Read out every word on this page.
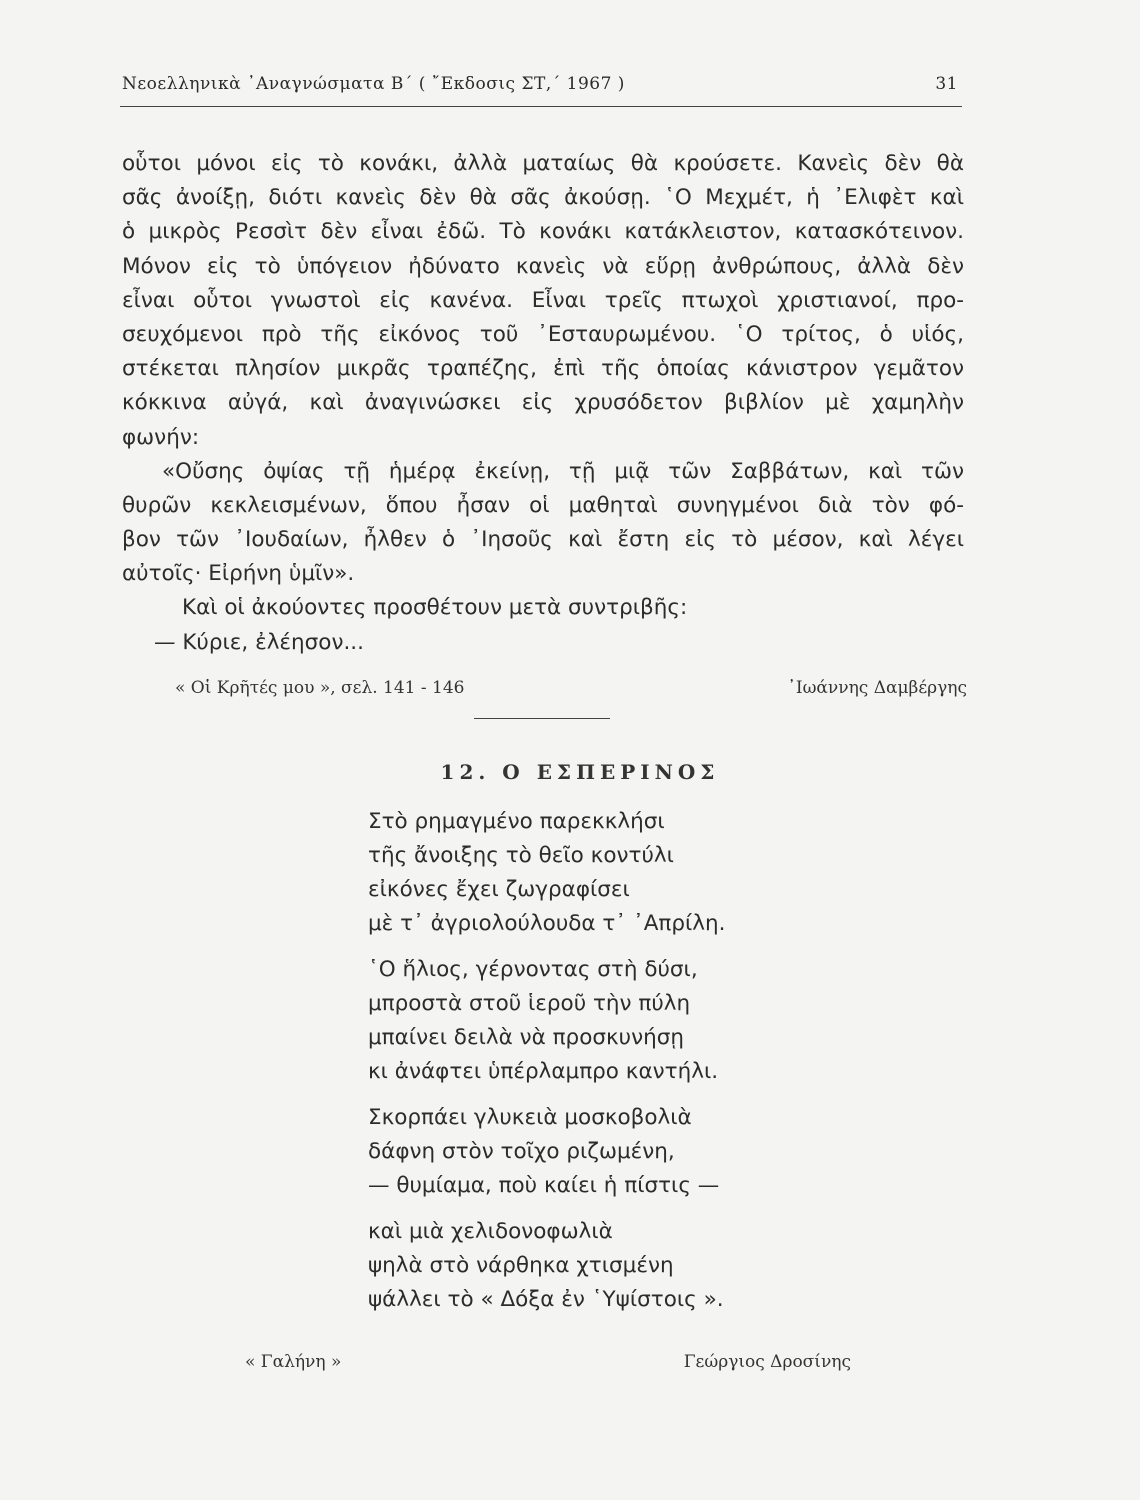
Νεοελληνικὰ ᾿Αναγνώσματα Β΄ ( ῎Εκδοσις ΣΤ,΄ 1967 )	31
οὗτοι μόνοι εἰς τὸ κονάκι, ἀλλὰ ματαίως θὰ κρούσετε. Κανεὶς δὲν θὰ
σᾶς ἀνοίξῃ, διότι κανεὶς δὲν θὰ σᾶς ἀκούσῃ. ῾Ο Μεχμέτ, ἡ ᾿Ελιφὲτ καὶ
ὁ μικρὸς Ρεσσὶτ δὲν εἶναι ἐδῶ. Τὸ κονάκι κατάκλειστον, κατασκότεινον.
Μόνον εἰς τὸ ὑπόγειον ἠδύνατο κανεὶς νὰ εὕρῃ ἀνθρώπους, ἀλλὰ δὲν
εἶναι οὗτοι γνωστοὶ εἰς κανένα. Εἶναι τρεῖς πτωχοὶ χριστιανοί, προ-
σευχόμενοι πρὸ τῆς εἰκόνος τοῦ ᾿Εσταυρωμένου. ῾Ο τρίτος, ὁ υἱός,
στέκεται πλησίον μικρᾶς τραπέζης, ἐπὶ τῆς ὁποίας κάνιστρον γεμᾶτον
κόκκινα αὐγά, καὶ ἀναγινώσκει εἰς χρυσόδετον βιβλίον μὲ χαμηλὴν
φωνήν:
«Οὔσης ὀψίας τῇ ἡμέρᾳ ἐκείνῃ, τῇ μιᾷ τῶν Σαββάτων, καὶ τῶν
θυρῶν κεκλεισμένων, ὅπου ἦσαν οἱ μαθηταὶ συνηγμένοι διὰ τὸν φό-
βον τῶν ᾿Ιουδαίων, ἦλθεν ὁ ᾿Ιησοῦς καὶ ἔστη εἰς τὸ μέσον, καὶ λέγει
αὐτοῖς· Εἰρήνη ὑμῖν».
Καὶ οἱ ἀκούοντες προσθέτουν μετὰ συντριβῆς:
— Κύριε, ἐλέησον...
« Οἱ Κρῆτές μου », σελ. 141 - 146	᾿Ιωάννης Δαμβέργης
12. Ο ΕΣΠΕΡΙΝΟΣ
Στὸ ρημαγμένο παρεκκλήσι
τῆς ἄνοιξης τὸ θεῖο κοντύλι
εἰκόνες ἔχει ζωγραφίσει
μὲ τ᾿ ἀγριολούλουδα τ᾿ ᾿Απρίλη.
῾Ο ἥλιος, γέρνοντας στὴ δύσι,
μπροστὰ στοῦ ἱεροῦ τὴν πύλη
μπαίνει δειλὰ νὰ προσκυνήσῃ
κι ἀνάφτει ὑπέρλαμπρο καντήλι.
Σκορπάει γλυκειὰ μοσκοβολιὰ
δάφνη στὸν τοῖχο ριζωμένη,
— θυμίαμα, ποὺ καίει ἡ πίστις —
καὶ μιὰ χελιδονοφωλιὰ
ψηλὰ στὸ νάρθηκα χτισμένη
ψάλλει τὸ « Δόξα ἐν ῾Υψίστοις ».
« Γαλήνη »	Γεώργιος Δροσίνης
